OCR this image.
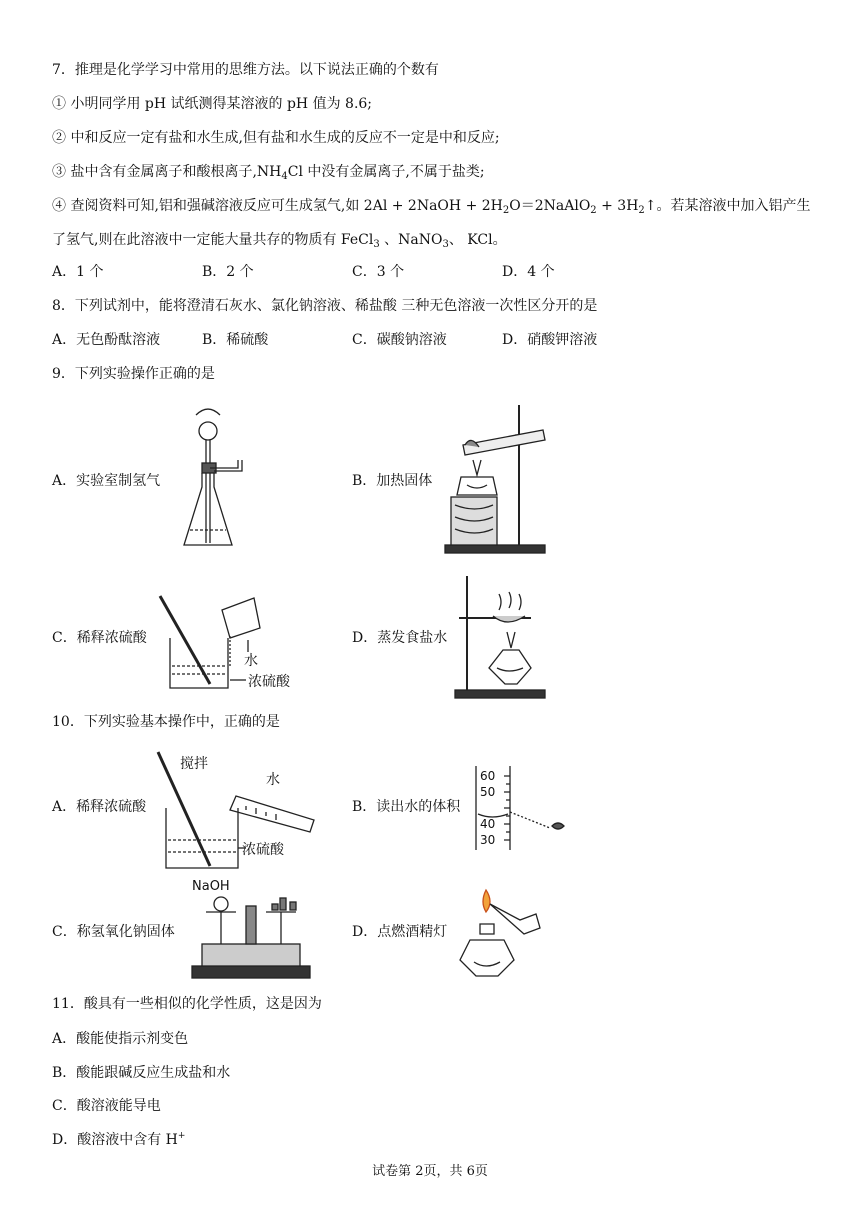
7．推理是化学学习中常用的思维方法。以下说法正确的个数有
① 小明同学用 pH 试纸测得某溶液的 pH 值为 8.6;
② 中和反应一定有盐和水生成,但有盐和水生成的反应不一定是中和反应;
③ 盐中含有金属离子和酸根离子$,NH_4Cl$ 中没有金属离子,不属于盐类;
④ 查阅资料可知,铝和强碱溶液反应可生成氢气,如 2Al + 2NaOH + $2H_2O=2NaAlO_2$ + $3H_2↑$。若某溶液中加入铝产生
了氢气,则在此溶液中一定能大量共存的物质有 FeCl$_3$ 、NaNO$_3$、 KCl。
A．1 个	B．2 个	C．3 个	D．4 个
8．下列试剂中，能将澄清石灰水、氯化钠溶液、稀盐酸 三种无色溶液一次性区分开的是
A．无色酚酞溶液	B．稀硫酸	C．碳酸钠溶液	D．硝酸钾溶液
9．下列实验操作正确的是
A．实验室制氢气	B．加热固体
C．稀释浓硫酸	D．蒸发食盐水
水
浓硫酸
10．下列实验基本操作中，正确的是
A．稀释浓硫酸	B．读出水的体积
C．称氢氧化钠固体	D．点燃酒精灯
搅拌
水
浓硫酸
60
50
40
30
NaOH
11．酸具有一些相似的化学性质，这是因为
A．酸能使指示剂变色
B．酸能跟碱反应生成盐和水
C．酸溶液能导电
D．酸溶液中含有 H+
试卷第 2页，共 6页
